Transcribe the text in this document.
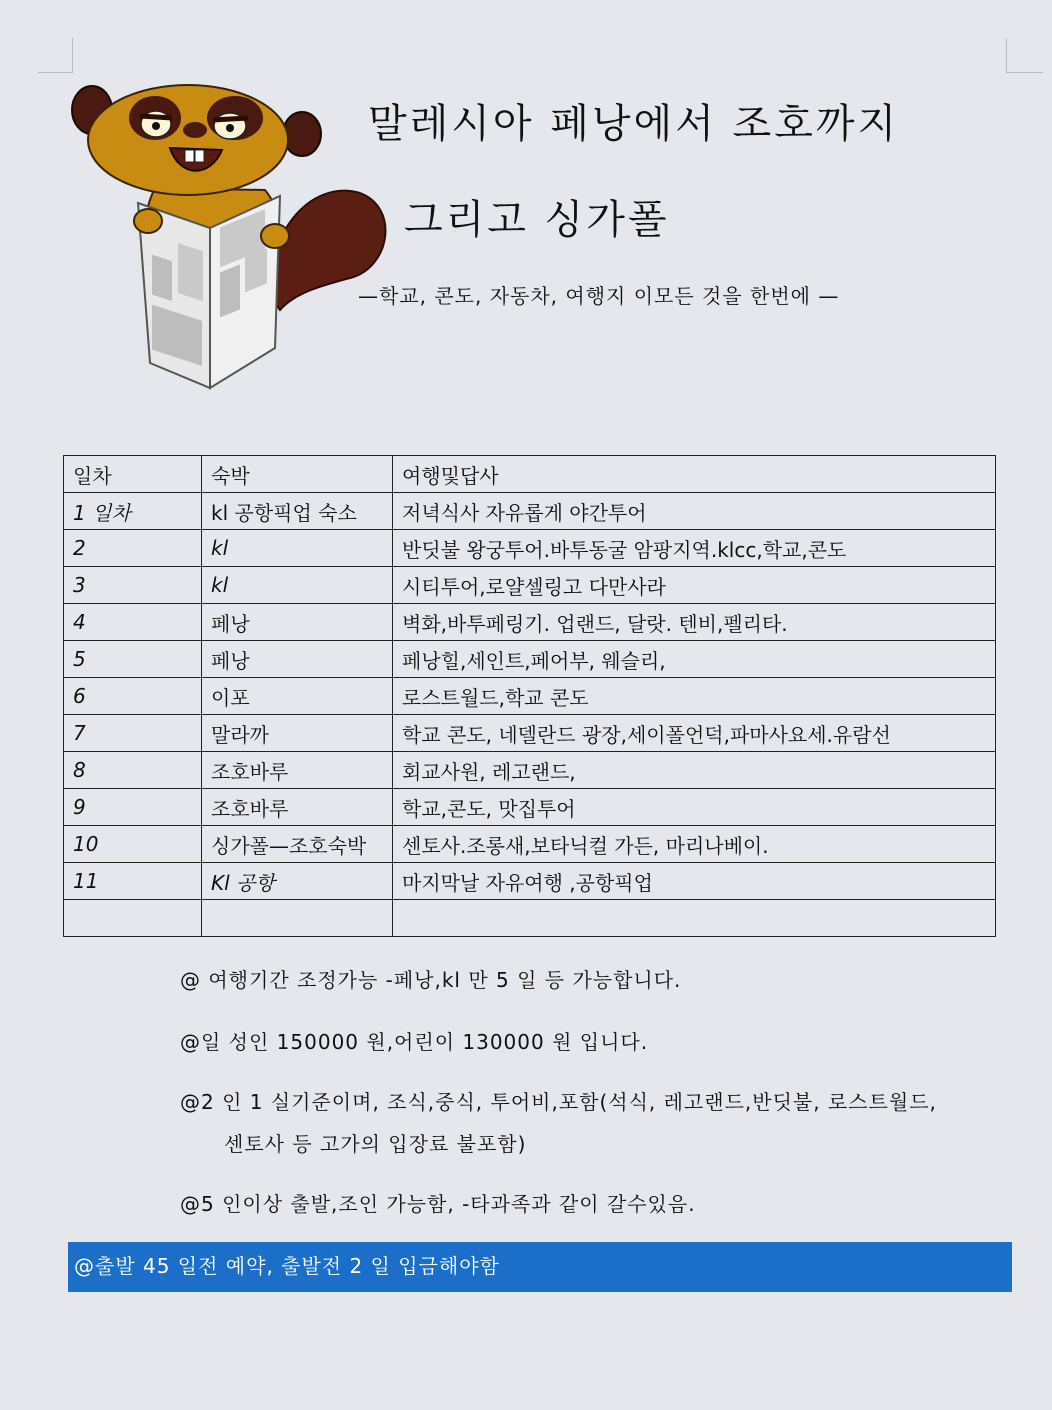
말레시아 페낭에서 조호까지
그리고 싱가폴
—학교, 콘도, 자동차, 여행지 이모든 것을 한번에 —
일차	숙박	여행및답사
1 일차	kl 공항픽업 숙소	저녁식사 자유롭게 야간투어
2	kl	반딧불 왕궁투어.바투동굴 암팡지역.klcc,학교,콘도
3	kl	시티투어,로얄셀링고 다만사라
4	페낭	벽화,바투페링기. 업랜드, 달랏. 텐비,펠리타.
5	페낭	페낭힐,세인트,페어부, 웨슬리,
6	이포	로스트월드,학교 콘도
7	말라까	학교 콘도, 네델란드 광장,세이폴언덕,파마사요세.유람선
8	조호바루	회교사원, 레고랜드,
9	조호바루	학교,콘도, 맛집투어
10	싱가폴—조호숙박	센토사.조롱새,보타닉컬 가든, 마리나베이.
11	Kl 공항	마지막날 자유여행 ,공항픽업

@ 여행기간 조정가능 -페낭,kl 만 5 일 등 가능합니다.
@일 성인 150000 원,어린이 130000 원 입니다.
@2 인 1 실기준이며, 조식,중식, 투어비,포함(석식, 레고랜드,반딧불, 로스트월드,
센토사 등 고가의 입장료 불포함)
@5 인이상 출발,조인 가능함, -타과족과 같이 갈수있음.
@출발 45 일전 예약, 출발전 2 일 입금해야함
